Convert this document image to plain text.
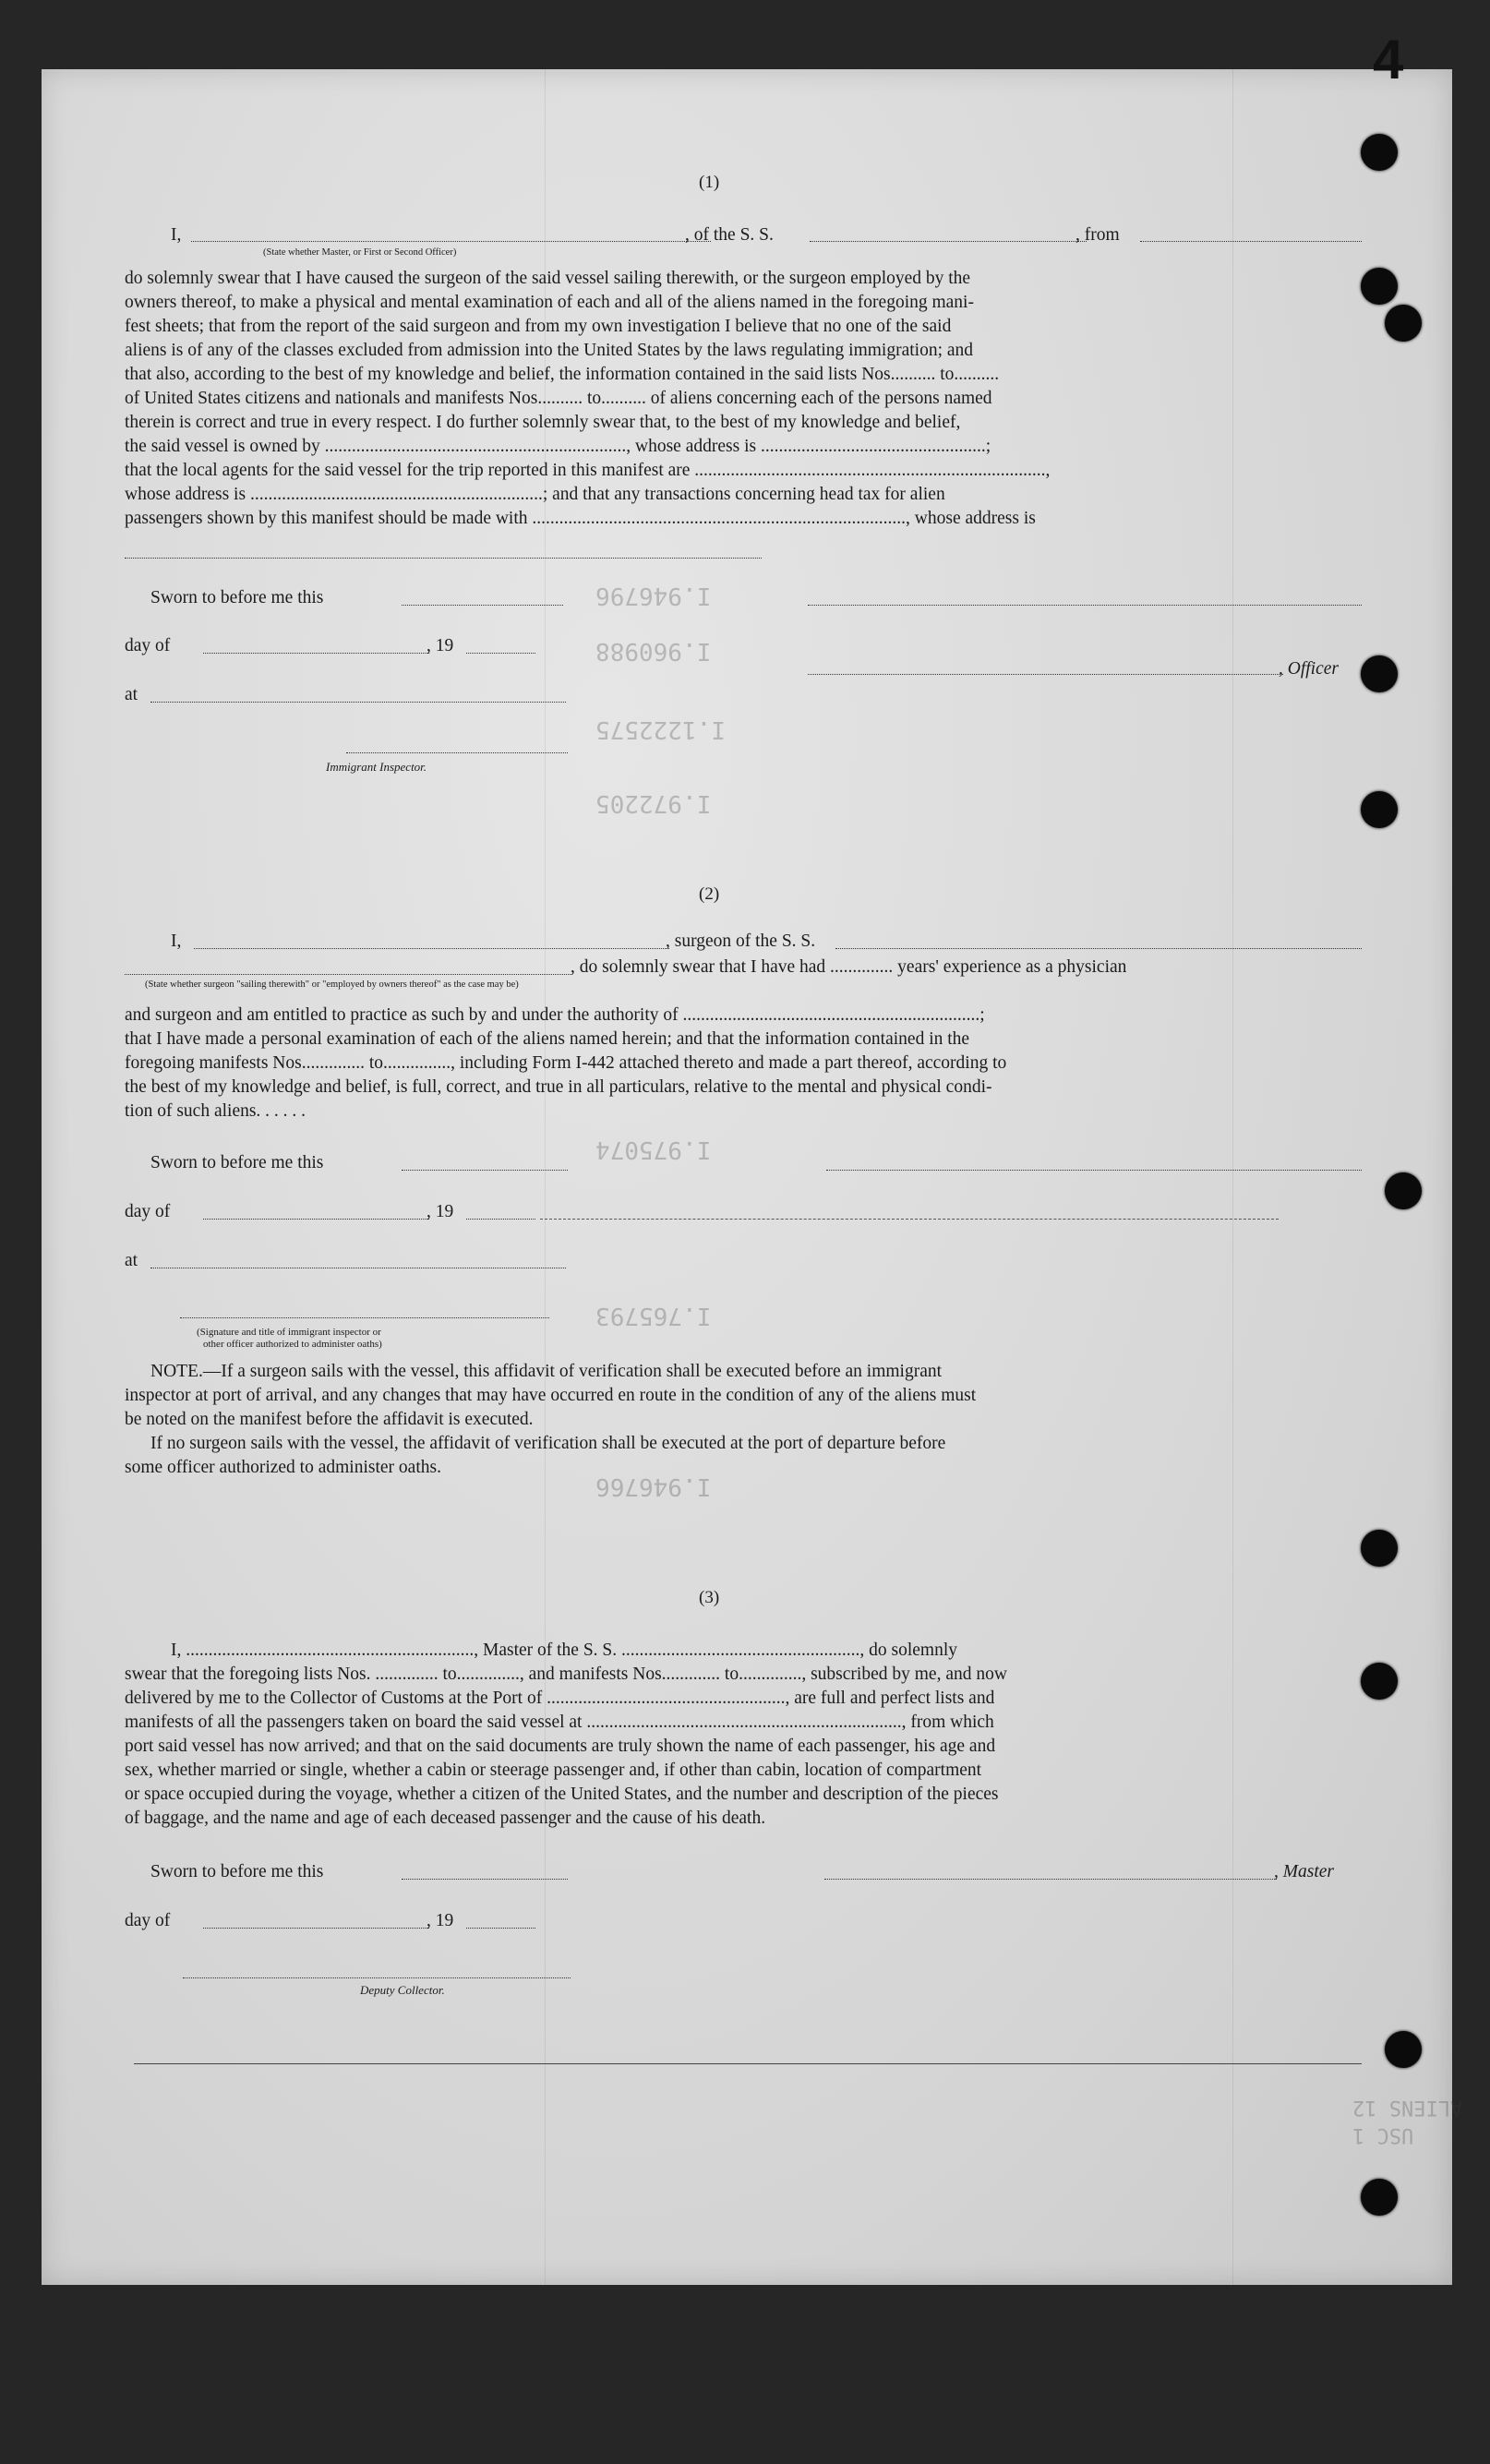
I.946796
I.960988
I.1222575
I.972205
I.975074
I.765793
I.946766
ALIENS 12
USC 1
(1)
I,
(State whether Master, or First or Second Officer)
, of the S. S.	, from
do solemnly swear that I have caused the surgeon of the said vessel sailing therewith, or the surgeon employed by the
owners thereof, to make a physical and mental examination of each and all of the aliens named in the foregoing mani-
fest sheets; that from the report of the said surgeon and from my own investigation I believe that no one of the said
aliens is of any of the classes excluded from admission into the United States by the laws regulating immigration; and
that also, according to the best of my knowledge and belief, the information contained in the said lists Nos.......... to..........
of United States citizens and nationals and manifests Nos.......... to.......... of aliens concerning each of the persons named
therein is correct and true in every respect. I do further solemnly swear that, to the best of my knowledge and belief,
the said vessel is owned by ..................................................................., whose address is ..................................................;
that the local agents for the said vessel for the trip reported in this manifest are ..............................................................................,
whose address is .................................................................; and that any transactions concerning head tax for alien
passengers shown by this manifest should be made with ..................................................................................., whose address is
Sworn to before me this
day of	, 19
, Officer
at
Immigrant Inspector.
(2)
I,	, surgeon of the S. S.
, do solemnly swear that I have had .............. years' experience as a physician
(State whether surgeon "sailing therewith" or "employed by owners thereof" as the case may be)
and surgeon and am entitled to practice as such by and under the authority of ..................................................................;
that I have made a personal examination of each of the aliens named herein; and that the information contained in the
foregoing manifests Nos.............. to..............., including Form I-442 attached thereto and made a part thereof, according to
the best of my knowledge and belief, is full, correct, and true in all particulars, relative to the mental and physical condi-
tion of such aliens. . . . . .
Sworn to before me this
day of	, 19
at
(Signature and title of immigrant inspector or
other officer authorized to administer oaths)
NOTE.—If a surgeon sails with the vessel, this affidavit of verification shall be executed before an immigrant
inspector at port of arrival, and any changes that may have occurred en route in the condition of any of the aliens must
be noted on the manifest before the affidavit is executed.
If no surgeon sails with the vessel, the affidavit of verification shall be executed at the port of departure before
some officer authorized to administer oaths.
(3)
I, ................................................................, Master of the S. S. ....................................................., do solemnly
swear that the foregoing lists Nos. .............. to.............., and manifests Nos............. to.............., subscribed by me, and now
delivered by me to the Collector of Customs at the Port of ....................................................., are full and perfect lists and
manifests of all the passengers taken on board the said vessel at ......................................................................, from which
port said vessel has now arrived; and that on the said documents are truly shown the name of each passenger, his age and
sex, whether married or single, whether a cabin or steerage passenger and, if other than cabin, location of compartment
or space occupied during the voyage, whether a citizen of the United States, and the number and description of the pieces
of baggage, and the name and age of each deceased passenger and the cause of his death.
Sworn to before me this	, Master
day of	, 19
Deputy Collector.
4
